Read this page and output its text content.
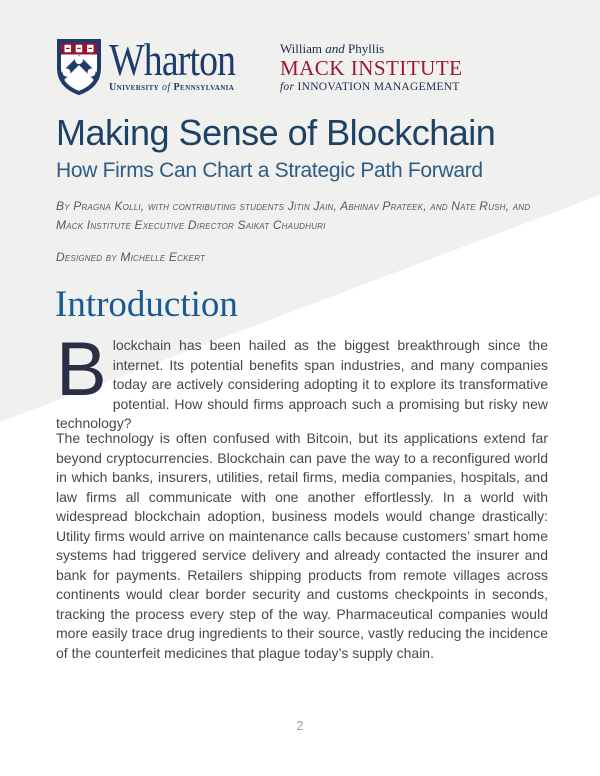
Wharton
University of Pennsylvania
William and Phyllis
MACK INSTITUTE
for INNOVATION MANAGEMENT
Making Sense of Blockchain
How Firms Can Chart a Strategic Path Forward

By Pragna Kolli, with contributing students Jitin Jain, Abhinav Prateek, and Nate Rush, and Mack Institute Executive Director Saikat Chaudhuri

Designed by Michelle Eckert

Introduction

Blockchain has been hailed as the biggest breakthrough since the internet. Its potential benefits span industries, and many companies today are actively considering adopting it to explore its transformative potential. How should firms approach such a promising but risky new technology?

The technology is often confused with Bitcoin, but its applications extend far beyond cryptocurrencies. Blockchain can pave the way to a reconfigured world in which banks, insurers, utilities, retail firms, media companies, hospitals, and law firms all communicate with one another effortlessly. In a world with widespread blockchain adoption, business models would change drastically: Utility firms would arrive on maintenance calls because customers’ smart home systems had triggered service delivery and already contacted the insurer and bank for payments. Retailers shipping products from remote villages across continents would clear border security and customs checkpoints in seconds, tracking the process every step of the way. Pharmaceutical companies would more easily trace drug ingredients to their source, vastly reducing the incidence of the counterfeit medicines that plague today’s supply chain.

2
